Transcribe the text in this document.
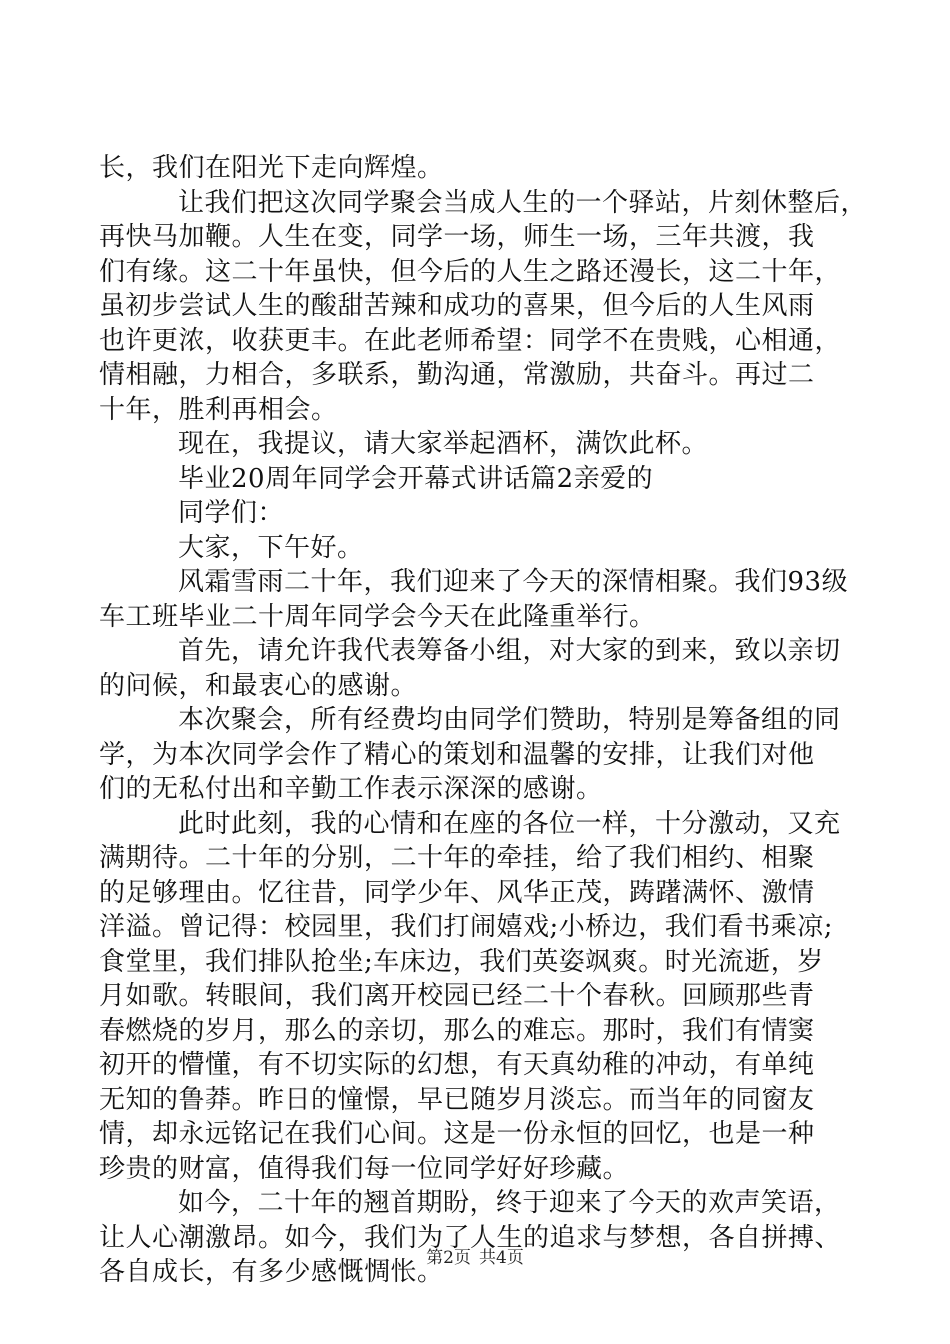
长，我们在阳光下走向辉煌。
让我们把这次同学聚会当成人生的一个驿站，片刻休整后，
再快马加鞭。人生在变，同学一场，师生一场，三年共渡，我
们有缘。这二十年虽快，但今后的人生之路还漫长，这二十年，
虽初步尝试人生的酸甜苦辣和成功的喜果，但今后的人生风雨
也许更浓，收获更丰。在此老师希望：同学不在贵贱，心相通，
情相融，力相合，多联系，勤沟通，常激励，共奋斗。再过二
十年，胜利再相会。
现在，我提议，请大家举起酒杯，满饮此杯。
毕业20周年同学会开幕式讲话篇2亲爱的
同学们：
大家，下午好。
风霜雪雨二十年，我们迎来了今天的深情相聚。我们93级
车工班毕业二十周年同学会今天在此隆重举行。
首先，请允许我代表筹备小组，对大家的到来，致以亲切
的问候，和最衷心的感谢。
本次聚会，所有经费均由同学们赞助，特别是筹备组的同
学，为本次同学会作了精心的策划和温馨的安排，让我们对他
们的无私付出和辛勤工作表示深深的感谢。
此时此刻，我的心情和在座的各位一样，十分激动，又充
满期待。二十年的分别，二十年的牵挂，给了我们相约、相聚
的足够理由。忆往昔，同学少年、风华正茂，踌躇满怀、激情
洋溢。曾记得：校园里，我们打闹嬉戏;小桥边，我们看书乘凉;
食堂里，我们排队抢坐;车床边，我们英姿飒爽。时光流逝，岁
月如歌。转眼间，我们离开校园已经二十个春秋。回顾那些青
春燃烧的岁月，那么的亲切，那么的难忘。那时，我们有情窦
初开的懵懂，有不切实际的幻想，有天真幼稚的冲动，有单纯
无知的鲁莽。昨日的憧憬，早已随岁月淡忘。而当年的同窗友
情，却永远铭记在我们心间。这是一份永恒的回忆，也是一种
珍贵的财富，值得我们每一位同学好好珍藏。
如今，二十年的翘首期盼，终于迎来了今天的欢声笑语，
让人心潮激昂。如今，我们为了人生的追求与梦想，各自拼搏、
各自成长，有多少感慨惆怅。
第2页 共4页
